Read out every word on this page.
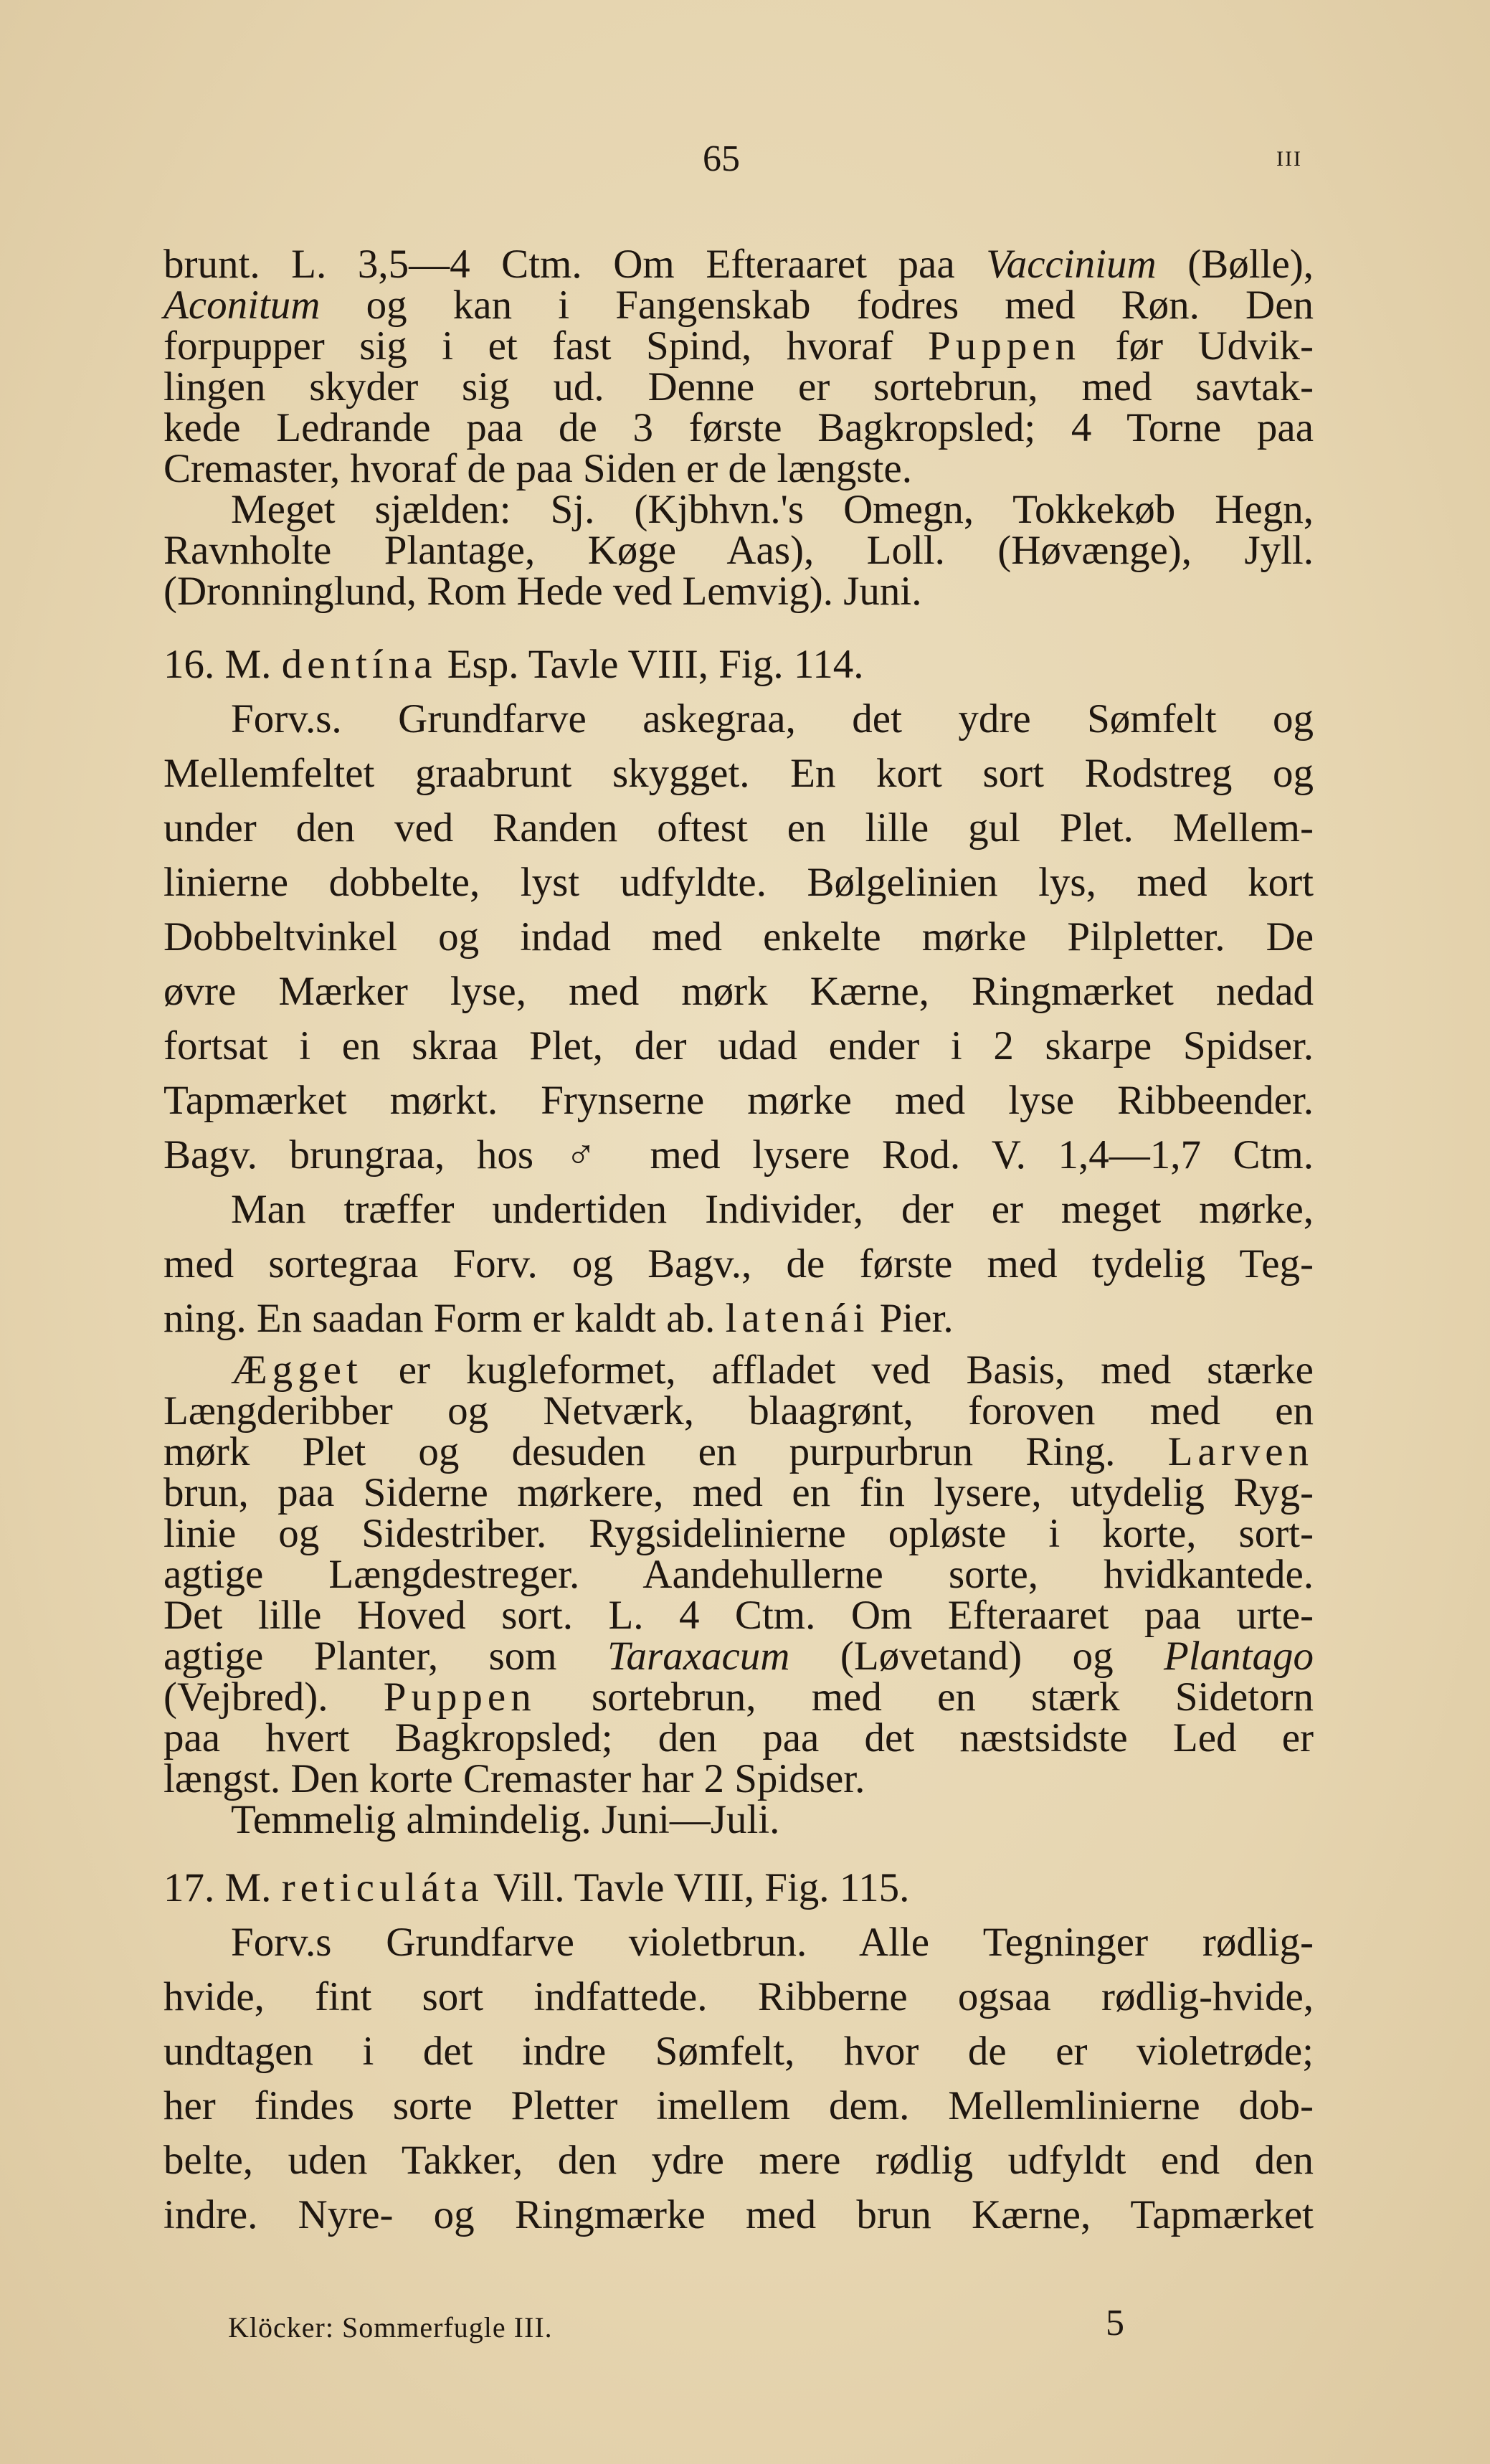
65	III
brunt. L. 3,5—4 Ctm. Om Efteraaret paa Vaccinium (Bølle),
Aconitum og kan i Fangenskab fodres med Røn. Den
forpupper sig i et fast Spind, hvoraf Puppen før Udvik-
lingen skyder sig ud. Denne er sortebrun, med savtak-
kede Ledrande paa de 3 første Bagkropsled; 4 Torne paa
Cremaster, hvoraf de paa Siden er de længste.
Meget sjælden: Sj. (Kjbhvn.'s Omegn, Tokkekøb Hegn,
Ravnholte Plantage, Køge Aas), Loll. (Høvænge), Jyll.
(Dronninglund, Rom Hede ved Lemvig). Juni.
16. M. dentína Esp. Tavle VIII, Fig. 114.
Forv.s. Grundfarve askegraa, det ydre Sømfelt og
Mellemfeltet graabrunt skygget. En kort sort Rodstreg og
under den ved Randen oftest en lille gul Plet. Mellem-
linierne dobbelte, lyst udfyldte. Bølgelinien lys, med kort
Dobbeltvinkel og indad med enkelte mørke Pilpletter. De
øvre Mærker lyse, med mørk Kærne, Ringmærket nedad
fortsat i en skraa Plet, der udad ender i 2 skarpe Spidser.
Tapmærket mørkt. Frynserne mørke med lyse Ribbeender.
Bagv. brungraa, hos ♂ med lysere Rod. V. 1,4—1,7 Ctm.
Man træffer undertiden Individer, der er meget mørke,
med sortegraa Forv. og Bagv., de første med tydelig Teg-
ning. En saadan Form er kaldt ab. latenái Pier.
Ægget er kugleformet, affladet ved Basis, med stærke
Længderibber og Netværk, blaagrønt, foroven med en
mørk Plet og desuden en purpurbrun Ring. Larven
brun, paa Siderne mørkere, med en fin lysere, utydelig Ryg-
linie og Sidestriber. Rygsidelinierne opløste i korte, sort-
agtige Længdestreger. Aandehullerne sorte, hvidkantede.
Det lille Hoved sort. L. 4 Ctm. Om Efteraaret paa urte-
agtige Planter, som Taraxacum (Løvetand) og Plantago
(Vejbred). Puppen sortebrun, med en stærk Sidetorn
paa hvert Bagkropsled; den paa det næstsidste Led er
længst. Den korte Cremaster har 2 Spidser.
Temmelig almindelig. Juni—Juli.
17. M. reticuláta Vill. Tavle VIII, Fig. 115.
Forv.s Grundfarve violetbrun. Alle Tegninger rødlig-
hvide, fint sort indfattede. Ribberne ogsaa rødlig-hvide,
undtagen i det indre Sømfelt, hvor de er violetrøde;
her findes sorte Pletter imellem dem. Mellemlinierne dob-
belte, uden Takker, den ydre mere rødlig udfyldt end den
indre. Nyre- og Ringmærke med brun Kærne, Tapmærket
Klöcker: Sommerfugle III.	5
